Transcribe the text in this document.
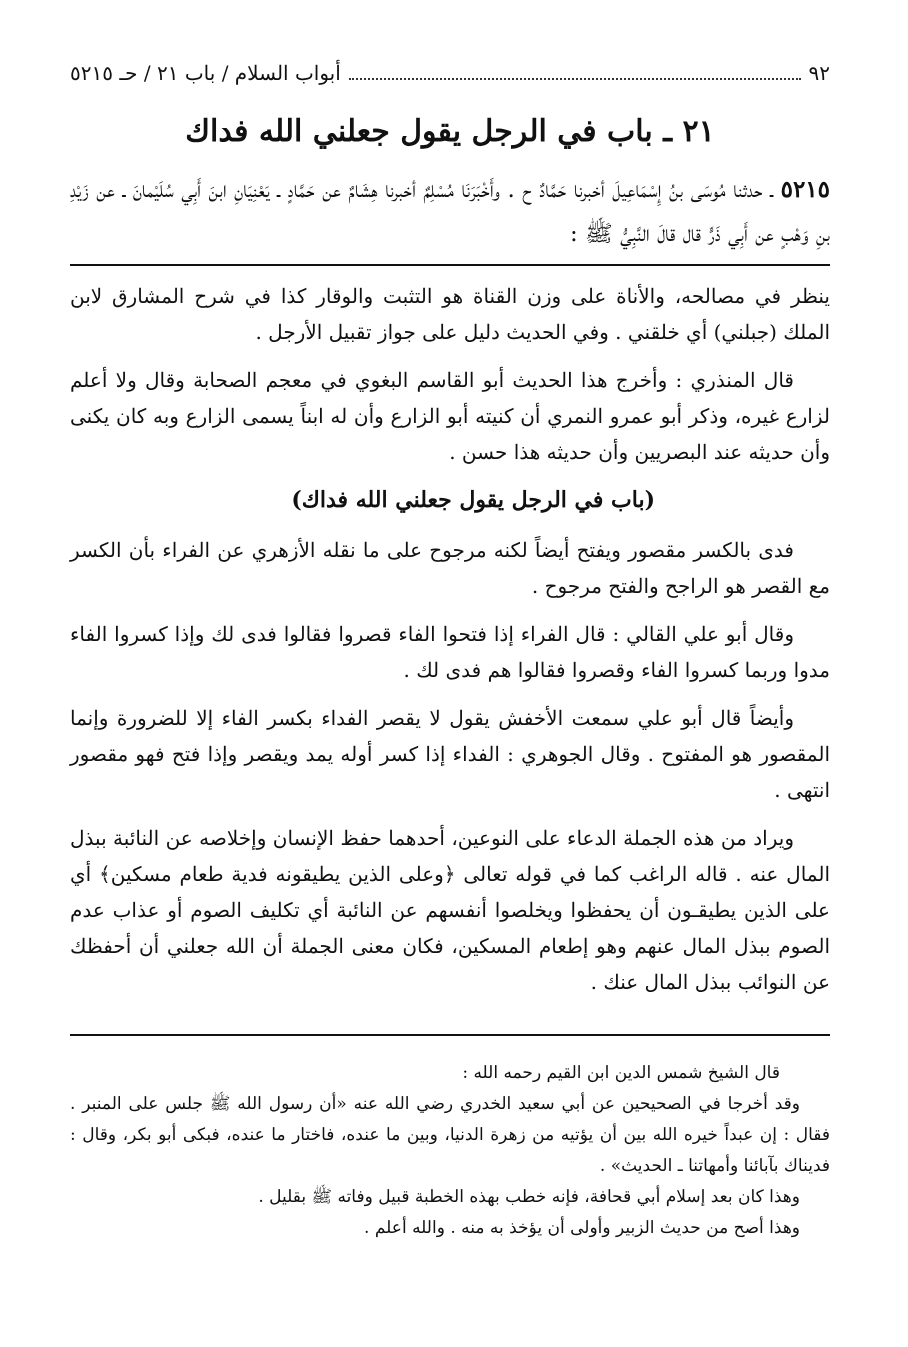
٩٢
أبواب السلام / باب ٢١ / حـ ٥٢١٥
٢١ ـ باب في الرجل يقول جعلني الله فداك
٥٢١٥ ـ حدثنا مُوسَى بنُ إِسْمَاعِيلَ أخبرنا حَمَّادٌ ح . وأَخْبَرَنَا مُسْلِمٌ أخبرنا هِشَامٌ عن حَمَّادٍ ـ يَعْنِيَانِ ابنَ أَبِي سُلَيْمانَ ـ عن زَيْدِ بنِ وَهْبٍ عن أَبِي ذَرٍّ قال قالَ النَّبِيُّ ﷺ :

ينظر في مصالحه، والأناة على وزن القناة هو التثبت والوقار كذا في شرح المشارق لابن الملك (جبلني) أي خلقني . وفي الحديث دليل على جواز تقبيل الأرجل .

قال المنذري : وأخرج هذا الحديث أبو القاسم البغوي في معجم الصحابة وقال ولا أعلم لزارع غيره، وذكر أبو عمرو النمري أن كنيته أبو الزارع وأن له ابناً يسمى الزارع وبه كان يكنى وأن حديثه عند البصريين وأن حديثه هذا حسن .

(باب في الرجل يقول جعلني الله فداك)

فدى بالكسر مقصور ويفتح أيضاً لكنه مرجوح على ما نقله الأزهري عن الفراء بأن الكسر مع القصر هو الراجح والفتح مرجوح .

وقال أبو علي القالي : قال الفراء إذا فتحوا الفاء قصروا فقالوا فدى لك وإذا كسروا الفاء مدوا وربما كسروا الفاء وقصروا فقالوا هم فدى لك .

وأيضاً قال أبو علي سمعت الأخفش يقول لا يقصر الفداء بكسر الفاء إلا للضرورة وإنما المقصور هو المفتوح . وقال الجوهري : الفداء إذا كسر أوله يمد ويقصر وإذا فتح فهو مقصور انتهى .

ويراد من هذه الجملة الدعاء على النوعين، أحدهما حفظ الإنسان وإخلاصه عن النائبة ببذل المال عنه . قاله الراغب كما في قوله تعالى ﴿وعلى الذين يطيقونه فدية طعام مسكين﴾ أي على الذين يطيقـون أن يحفظوا ويخلصوا أنفسهم عن النائبة أي تكليف الصوم أو عذاب عدم الصوم ببذل المال عنهم وهو إطعام المسكين، فكان معنى الجملة أن الله جعلني أن أحفظك عن النوائب ببذل المال عنك .

قال الشيخ شمس الدين ابن القيم رحمه الله :

وقد أخرجا في الصحيحين عن أبي سعيد الخدري رضي الله عنه «أن رسول الله ﷺ جلس على المنبر . فقال : إن عبداً خيره الله بين أن يؤتيه من زهرة الدنيا، وبين ما عنده، فاختار ما عنده، فبكى أبو بكر، وقال : فديناك بآبائنا وأمهاتنا ـ الحديث» .

وهذا كان بعد إسلام أبي قحافة، فإنه خطب بهذه الخطبة قبيل وفاته ﷺ بقليل .

وهذا أصح من حديث الزبير وأولى أن يؤخذ به منه . والله أعلم .
